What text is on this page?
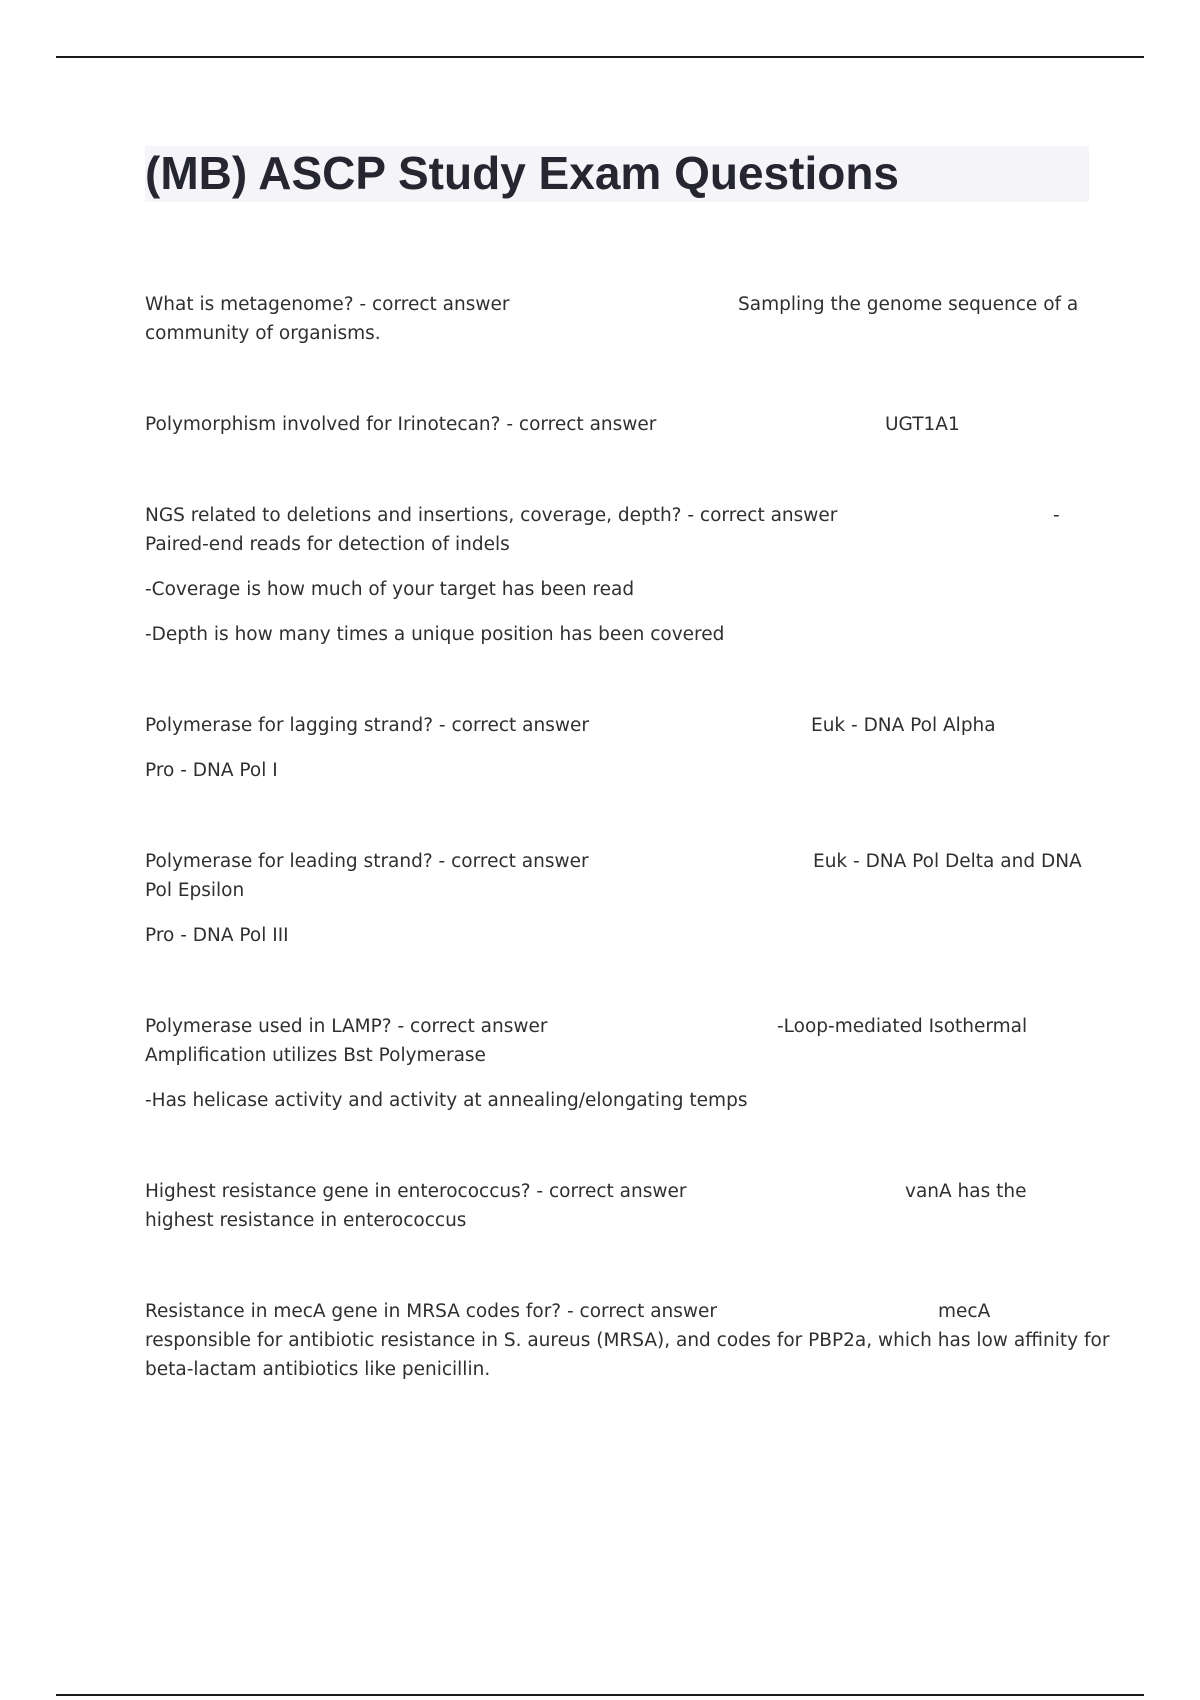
(MB) ASCP Study Exam Questions
What is metagenome? - correct answer	Sampling the genome sequence of a
community of organisms.
Polymorphism involved for Irinotecan? - correct answer	UGT1A1
NGS related to deletions and insertions, coverage, depth? - correct answer	-
Paired-end reads for detection of indels
-Coverage is how much of your target has been read
-Depth is how many times a unique position has been covered
Polymerase for lagging strand? - correct answer	Euk - DNA Pol Alpha
Pro - DNA Pol I
Polymerase for leading strand? - correct answer	Euk - DNA Pol Delta and DNA
Pol Epsilon
Pro - DNA Pol III
Polymerase used in LAMP? - correct answer	-Loop-mediated Isothermal
Amplification utilizes Bst Polymerase
-Has helicase activity and activity at annealing/elongating temps
Highest resistance gene in enterococcus? - correct answer	vanA has the
highest resistance in enterococcus
Resistance in mecA gene in MRSA codes for? - correct answer	mecA
responsible for antibiotic resistance in S. aureus (MRSA), and codes for PBP2a, which has low affinity for
beta-lactam antibiotics like penicillin.
